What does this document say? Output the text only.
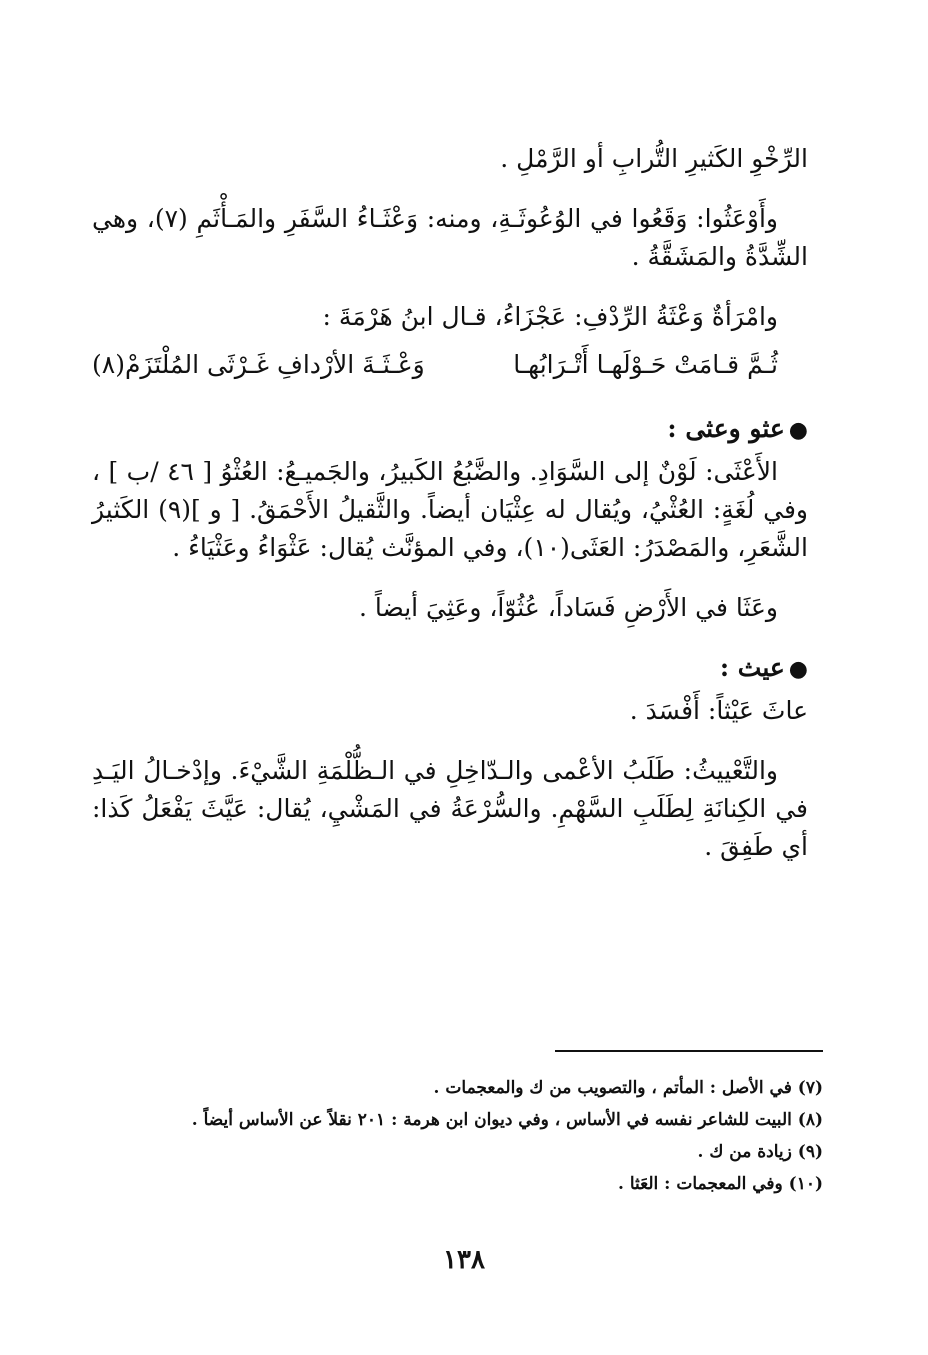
الرِّخْوِ الكَثيرِ التُّرابِ أو الرَّمْلِ .

وأَوْعَثُوا: وَقَعُوا في الوُعُوثَـةِ، ومنه: وَعْثَـاءُ السَّفَرِ والمَـأْثَمِ (٧)، وهي الشِّدَّةُ والمَشَقَّةُ .

وامْرَأةٌ وَعْثَةُ الرِّدْفِ: عَجْزَاءُ، قـال ابنُ هَرْمَةَ :

ثُـمَّ قـامَتْ حَـوْلَهـا أَتْـرَابُهـا
وَعْـثَـةَ الأرْدافِ غَـرْثَى المُلْتَزَمْ(٨)
●عثو وعثى :

الأَعْثَى: لَوْنٌ إلى السَّوَادِ. والضَّبُعُ الكَبيرُ، والجَميـعُ: العُثْوُ [ ٤٦ /ب ] ، وفي لُغَةٍ: العُثْيُ، ويُقال له عِثْيَان أيضاً. والثَّقيلُ الأَحْمَقُ. [ و ](٩) الكَثيرُ الشَّعَرِ، والمَصْدَرُ: العَثَى(١٠)، وفي المؤنَّث يُقال: عَثْوَاءُ وعَثْيَاءُ .

وعَثَا في الأَرْضِ فَسَاداً، عُثُوّاً، وعَثِيَ أيضاً .

●عيث :

عاثَ عَيْثاً: أَفْسَدَ .

والتَّعْييثُ: طَلَبُ الأعْمى والـدّاخِلِ في الـظُّلْمَةِ الشَّيْءَ. وإدْخـالُ اليَـدِ في الكِنانَةِ لِطَلَبِ السَّهْمِ. والسُّرْعَةُ في المَشْيِ، يُقال: عَيَّثَ يَفْعَلُ كَذا: أي طَفِقَ .

(٧) في الأصل : المأتم ، والتصويب من ك والمعجمات .

(٨) البيت للشاعر نفسه في الأساس ، وفي ديوان ابن هرمة : ٢٠١ نقلاً عن الأساس أيضاً .

(٩) زيادة من ك .

(١٠) وفي المعجمات : العَثا .

١٣٨
